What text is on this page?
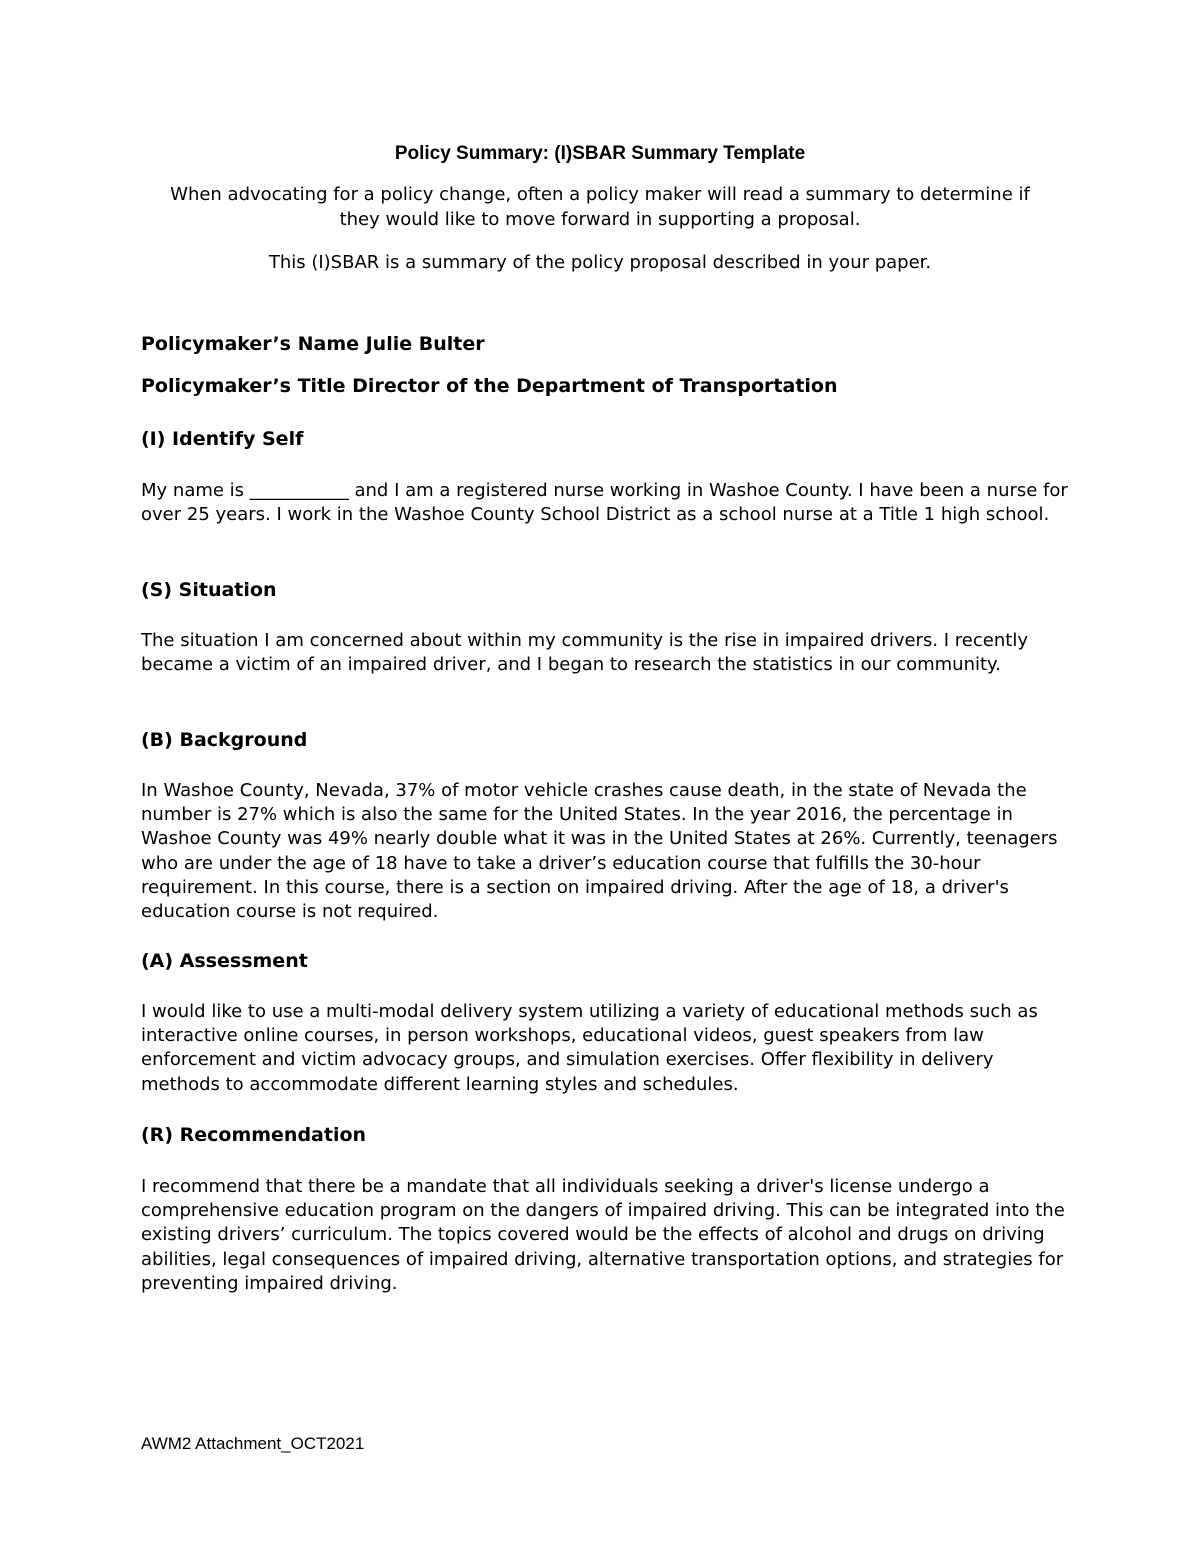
Policy Summary: (I)SBAR Summary Template
When advocating for a policy change, often a policy maker will read a summary to determine if they would like to move forward in supporting a proposal.
This (I)SBAR is a summary of the policy proposal described in your paper.
Policymaker’s Name Julie Bulter
Policymaker’s Title Director of the Department of Transportation
(I) Identify Self
My name is ___________ and I am a registered nurse working in Washoe County. I have been a nurse for over 25 years. I work in the Washoe County School District as a school nurse at a Title 1 high school.
(S) Situation
The situation I am concerned about within my community is the rise in impaired drivers. I recently became a victim of an impaired driver, and I began to research the statistics in our community.
(B) Background
In Washoe County, Nevada, 37% of motor vehicle crashes cause death, in the state of Nevada the number is 27% which is also the same for the United States. In the year 2016, the percentage in Washoe County was 49% nearly double what it was in the United States at 26%. Currently, teenagers who are under the age of 18 have to take a driver’s education course that fulfills the 30-hour requirement. In this course, there is a section on impaired driving. After the age of 18, a driver's education course is not required.
(A) Assessment
I would like to use a multi-modal delivery system utilizing a variety of educational methods such as interactive online courses, in person workshops, educational videos, guest speakers from law enforcement and victim advocacy groups, and simulation exercises. Offer flexibility in delivery methods to accommodate different learning styles and schedules.
(R) Recommendation
I recommend that there be a mandate that all individuals seeking a driver's license undergo a comprehensive education program on the dangers of impaired driving. This can be integrated into the existing drivers’ curriculum. The topics covered would be the effects of alcohol and drugs on driving abilities, legal consequences of impaired driving, alternative transportation options, and strategies for preventing impaired driving.
AWM2 Attachment_OCT2021
